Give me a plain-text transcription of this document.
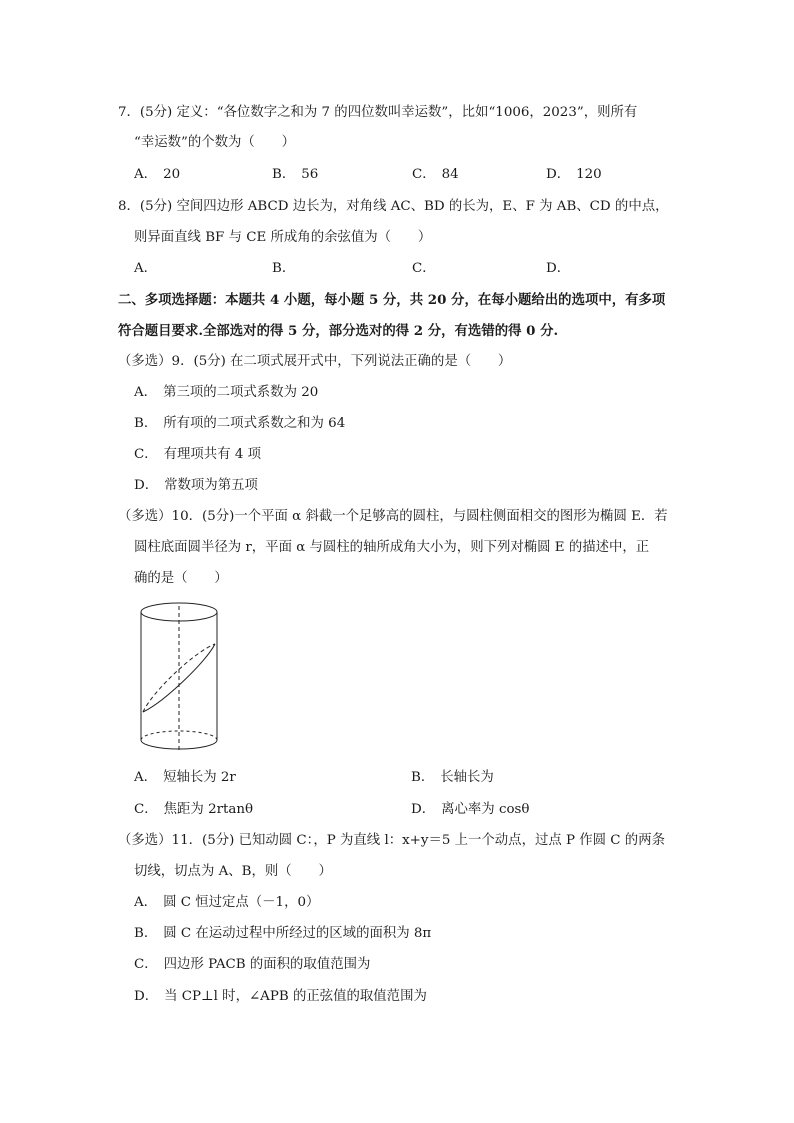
7．(5分) 定义：“各位数字之和为 7 的四位数叫幸运数”，比如“1006，2023”，则所有
“幸运数”的个数为（　　）
A． 20	B． 56	C． 84	D． 120
8．(5分) 空间四边形 ABCD 边长为，对角线 AC、BD 的长为，E、F 为 AB、CD 的中点，
则异面直线 BF 与 CE 所成角的余弦值为（　　）
A．	B．	C．	D．
二、多项选择题：本题共 4 小题，每小题 5 分，共 20 分，在每小题给出的选项中，有多项
符合题目要求.全部选对的得 5 分，部分选对的得 2 分，有选错的得 0 分.
（多选）9．(5分) 在二项式展开式中，下列说法正确的是（　　）
A． 第三项的二项式系数为 20
B． 所有项的二项式系数之和为 64
C． 有理项共有 4 项
D． 常数项为第五项
（多选）10．(5分)一个平面 α 斜截一个足够高的圆柱，与圆柱侧面相交的图形为椭圆 E．若
圆柱底面圆半径为 r，平面 α 与圆柱的轴所成角大小为，则下列对椭圆 E 的描述中，正
确的是（　　）
A． 短轴长为 2r	B． 长轴长为
C． 焦距为 2rtanθ	D． 离心率为 cosθ
（多选）11．(5分) 已知动圆 C：，P 为直线 l：x+y＝5 上一个动点，过点 P 作圆 C 的两条
切线，切点为 A、B，则（　　）
A． 圆 C 恒过定点（－1，0）
B． 圆 C 在运动过程中所经过的区域的面积为 8π
C． 四边形 PACB 的面积的取值范围为
D． 当 CP⊥l 时，∠APB 的正弦值的取值范围为
